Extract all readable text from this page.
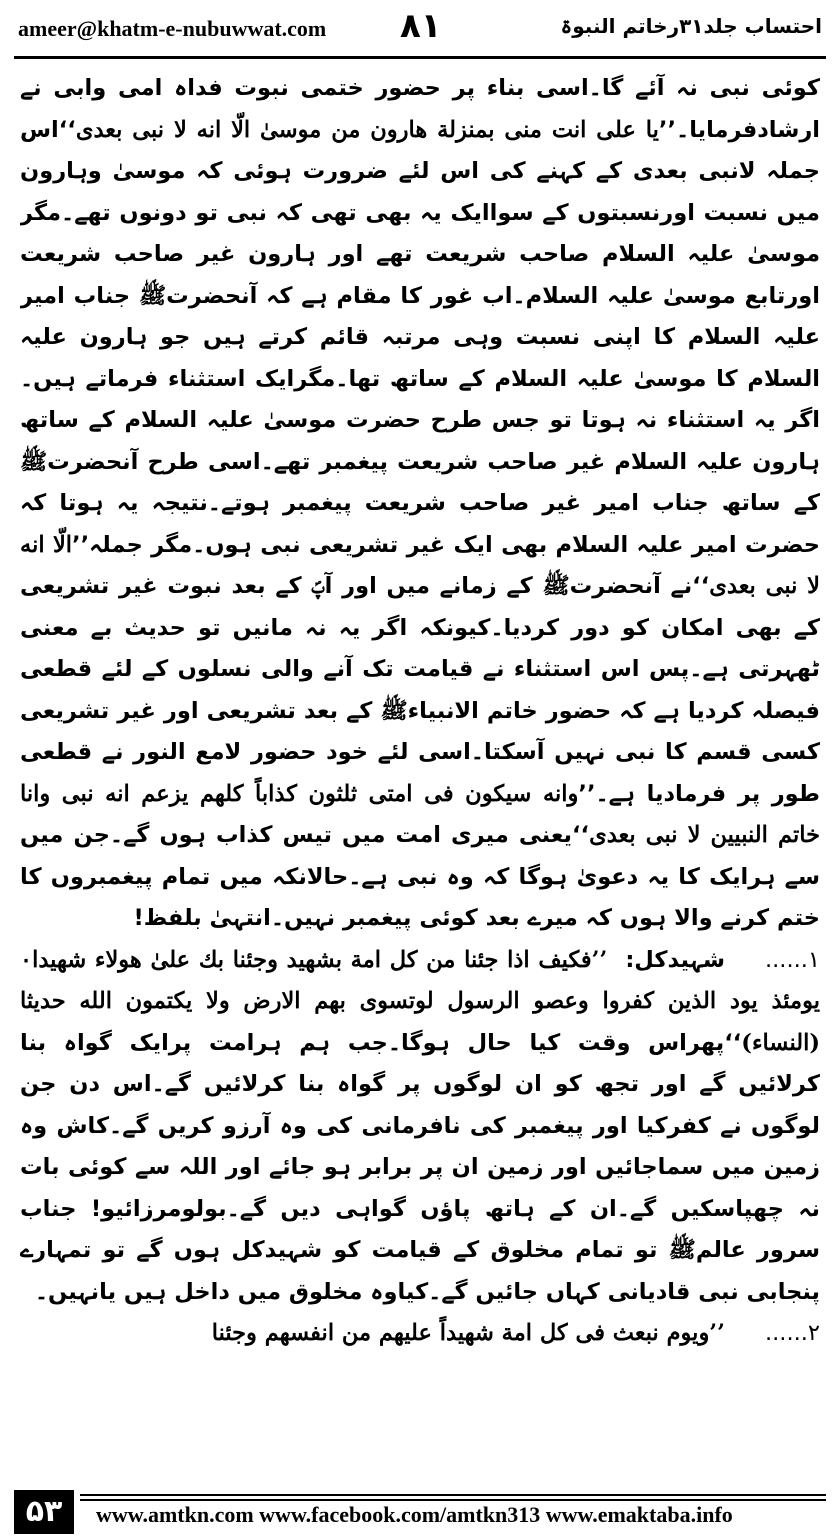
ameer@khatm-e-nubuwwat.com ۸۱	احتساب جلد۳۱رخاتم النبوۃ

کوئی نبی نہ آئے گا۔اسی بناء پر حضور ختمی نبوت فداہ امی وابی نے ارشادفرمایا۔’’یا علی انت منی بمنزلة هارون من موسیٰ الّا انه لا نبی بعدی‘‘اس جملہ لانبی بعدی کے کہنے کی اس لئے ضرورت ہوئی کہ موسیٰ وہارون میں نسبت اورنسبتوں کے سواایک یہ بھی تھی کہ نبی تو دونوں تھے۔مگر موسیٰ علیہ السلام صاحب شریعت تھے اور ہارون غیر صاحب شریعت اورتابع موسیٰ علیہ السلام۔اب غور کا مقام ہے کہ آنحضرتﷺ جناب امیر علیہ السلام کا اپنی نسبت وہی مرتبہ قائم کرتے ہیں جو ہارون علیہ السلام کا موسیٰ علیہ السلام کے ساتھ تھا۔مگرایک استثناء فرماتے ہیں۔اگر یہ استثناء نہ ہوتا تو جس طرح حضرت موسیٰ علیہ السلام کے ساتھ ہارون علیہ السلام غیر صاحب شریعت پیغمبر تھے۔اسی طرح آنحضرتﷺ کے ساتھ جناب امیر غیر صاحب شریعت پیغمبر ہوتے۔نتیجہ یہ ہوتا کہ حضرت امیر علیہ السلام بھی ایک غیر تشریعی نبی ہوں۔مگر جملہ’’الّا انه لا نبی بعدی‘‘نے آنحضرتﷺ کے زمانے میں اور آپؐ کے بعد نبوت غیر تشریعی کے بھی امکان کو دور کردیا۔کیونکہ اگر یہ نہ مانیں تو حدیث بے معنی ٹھہرتی ہے۔پس اس استثناء نے قیامت تک آنے والی نسلوں کے لئے قطعی فیصلہ کردیا ہے کہ حضور خاتم الانبیاءﷺ کے بعد تشریعی اور غیر تشریعی کسی قسم کا نبی نہیں آسکتا۔اسی لئے خود حضور لامع النور نے قطعی طور پر فرمادیا ہے۔’’وانه سیکون فی امتی ثلثون کذاباً کلهم یزعم انه نبی وانا خاتم النبیین لا نبی بعدی‘‘یعنی میری امت میں تیس کذاب ہوں گے۔جن میں سے ہرایک کا یہ دعویٰ ہوگا کہ وہ نبی ہے۔حالانکہ میں تمام پیغمبروں کا ختم کرنے والا ہوں کہ میرے بعد کوئی پیغمبر نہیں۔انتہیٰ بلفظ!

۱......شہیدکل:’’فکیف اذا جئنا من کل امة بشهید وجئنا بك علیٰ هولاء شهیدا۰ یومئذ یود الذین کفروا وعصو الرسول لوتسوی بهم الارض ولا یکتمون الله حدیثا (النساء)‘‘پھراس وقت کیا حال ہوگا۔جب ہم ہرامت پرایک گواہ بنا کرلائیں گے اور تجھ کو ان لوگوں پر گواہ بنا کرلائیں گے۔اس دن جن لوگوں نے کفرکیا اور پیغمبر کی نافرمانی کی وہ آرزو کریں گے۔کاش وہ زمین میں سماجائیں اور زمین ان پر برابر ہو جائے اور اللہ سے کوئی بات نہ چھپاسکیں گے۔ان کے ہاتھ پاؤں گواہی دیں گے۔بولومرزائیو! جناب سرور عالمﷺ تو تمام مخلوق کے قیامت کو شہیدکل ہوں گے تو تمہارے پنجابی نبی قادیانی کہاں جائیں گے۔کیاوہ مخلوق میں داخل ہیں یانہیں۔

۲......’’ویوم نبعث فی کل امة شهیداً علیهم من انفسهم وجئنا

۵۳	www.amtkn.com www.facebook.com/amtkn313 www.emaktaba.info
